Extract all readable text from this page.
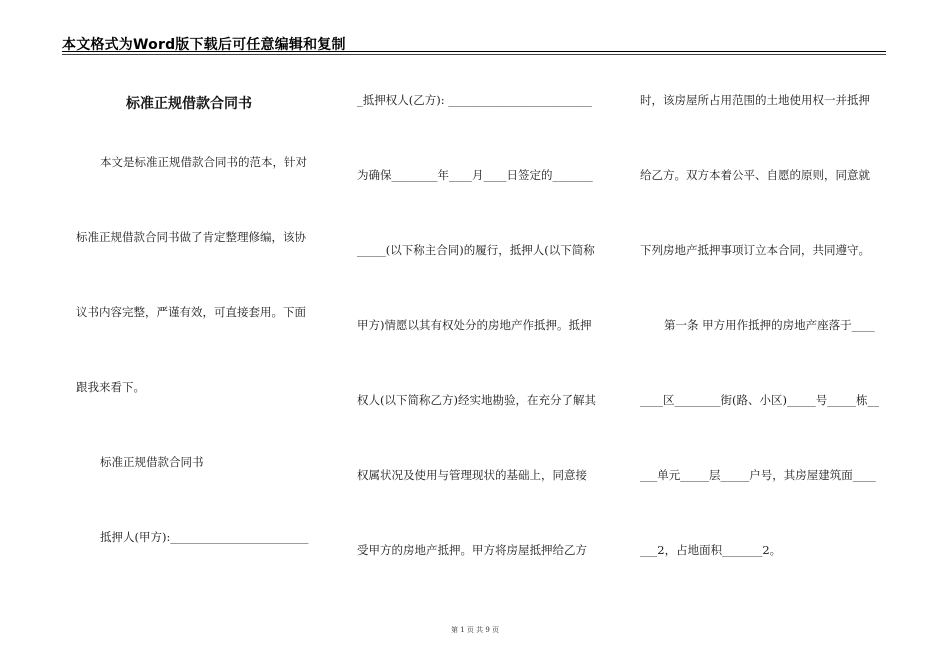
本文格式为Word版下载后可任意编辑和复制
标准正规借款合同书
本文是标准正规借款合同书的范本，针对
标准正规借款合同书做了肯定整理修编，该协
议书内容完整，严谨有效，可直接套用。下面
跟我来看下。
标准正规借款合同书
抵押人(甲方):________________________
_抵押权人(乙方): _________________________
为确保________年____月____日签定的_______
_____(以下称主合同)的履行，抵押人(以下简称
甲方)情愿以其有权处分的房地产作抵押。抵押
权人(以下简称乙方)经实地勘验，在充分了解其
权属状况及使用与管理现状的基础上，同意接
受甲方的房地产抵押。甲方将房屋抵押给乙方
时，该房屋所占用范围的土地使用权一并抵押
给乙方。双方本着公平、自愿的原则，同意就
下列房地产抵押事项订立本合同，共同遵守。
第一条 甲方用作抵押的房地产座落于____
____区________街(路、小区)_____号_____栋__
___单元_____层_____户号，其房屋建筑面____
___2，占地面积_______2。
第 1 页 共 9 页
